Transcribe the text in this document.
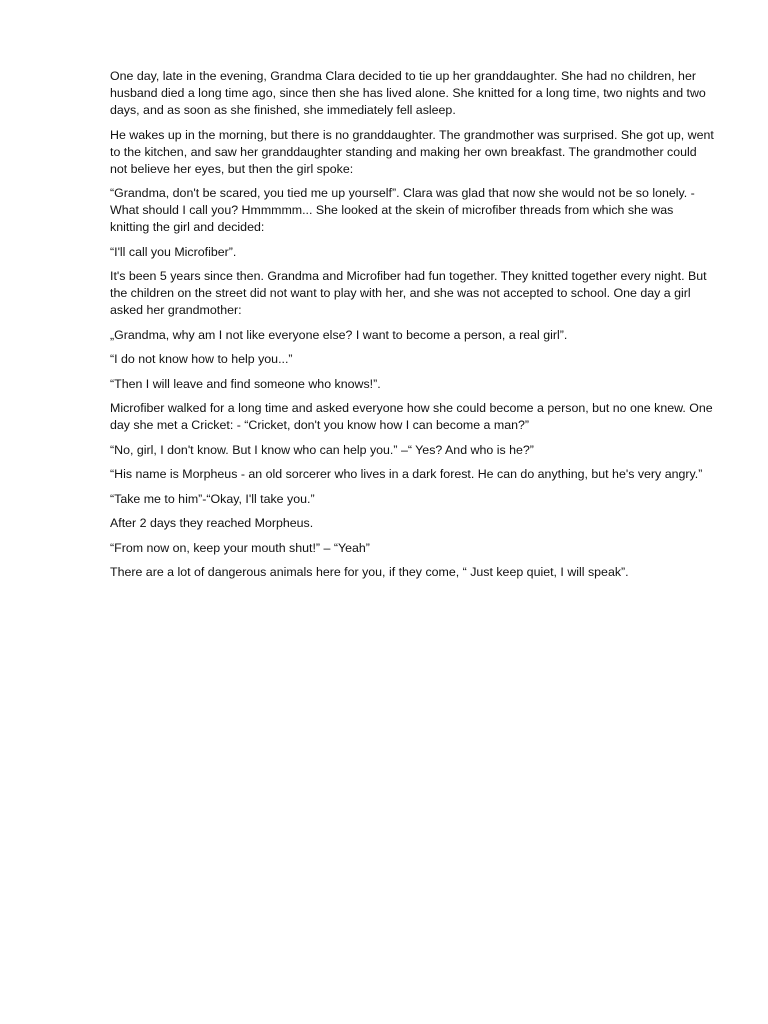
One day, late in the evening, Grandma Clara decided to tie up her granddaughter. She had no children, her husband died a long time ago, since then she has lived alone. She knitted for a long time, two nights and two days, and as soon as she finished, she immediately fell asleep.

He wakes up in the morning, but there is no granddaughter. The grandmother was surprised. She got up, went to the kitchen, and saw her granddaughter standing and making her own breakfast. The grandmother could not believe her eyes, but then the girl spoke:

“Grandma, don't be scared, you tied me up yourself”. Clara was glad that now she would not be so lonely. - What should I call you? Hmmmmm... She looked at the skein of microfiber threads from which she was knitting the girl and decided:

“I'll call you Microfiber”.

It's been 5 years since then. Grandma and Microfiber had fun together. They knitted together every night. But the children on the street did not want to play with her, and she was not accepted to school. One day a girl asked her grandmother:

„Grandma, why am I not like everyone else? I want to become a person, a real girl”.

“I do not know how to help you...”

“Then I will leave and find someone who knows!”.

Microfiber walked for a long time and asked everyone how she could become a person, but no one knew. One day she met a Cricket: - “Cricket, don't you know how I can become a man?”

“No, girl, I don't know. But I know who can help you.” –“ Yes? And who is he?”

“His name is Morpheus - an old sorcerer who lives in a dark forest. He can do anything, but he's very angry.”

“Take me to him”-“Okay, I'll take you.”

After 2 days they reached Morpheus.

“From now on, keep your mouth shut!” – “Yeah”

There are a lot of dangerous animals here for you, if they come, “ Just keep quiet, I will speak”.
